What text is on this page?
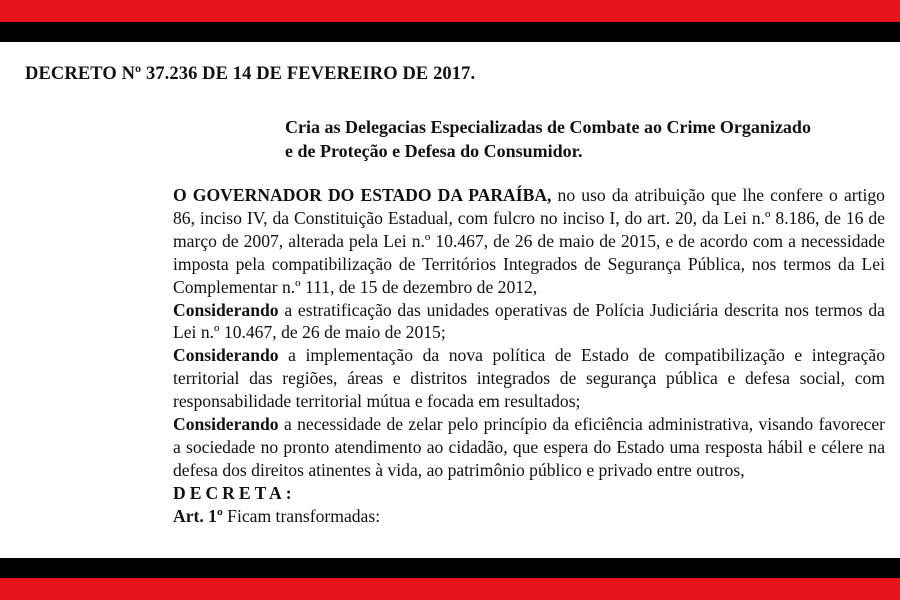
DECRETO Nº 37.236 DE 14 DE FEVEREIRO DE 2017.
Cria as Delegacias Especializadas de Combate ao Crime Organizado
e de Proteção e Defesa do Consumidor.

O GOVERNADOR DO ESTADO DA PARAÍBA, no uso da atribuição que lhe confere o artigo 86, inciso IV, da Constituição Estadual, com fulcro no inciso I, do art. 20, da Lei n.º 8.186, de 16 de março de 2007, alterada pela Lei n.º 10.467, de 26 de maio de 2015, e de acordo com a necessidade imposta pela compatibilização de Territórios Integrados de Segurança Pública, nos termos da Lei Complementar n.º 111, de 15 de dezembro de 2012,

Considerando a estratificação das unidades operativas de Polícia Judiciária descrita nos termos da Lei n.º 10.467, de 26 de maio de 2015;

Considerando a implementação da nova política de Estado de compatibilização e integração territorial das regiões, áreas e distritos integrados de segurança pública e defesa social, com responsabilidade territorial mútua e focada em resultados;

Considerando a necessidade de zelar pelo princípio da eficiência administrativa, visando favorecer a sociedade no pronto atendimento ao cidadão, que espera do Estado uma resposta hábil e célere na defesa dos direitos atinentes à vida, ao patrimônio público e privado entre outros,

DECRETA:

Art. 1º Ficam transformadas:
